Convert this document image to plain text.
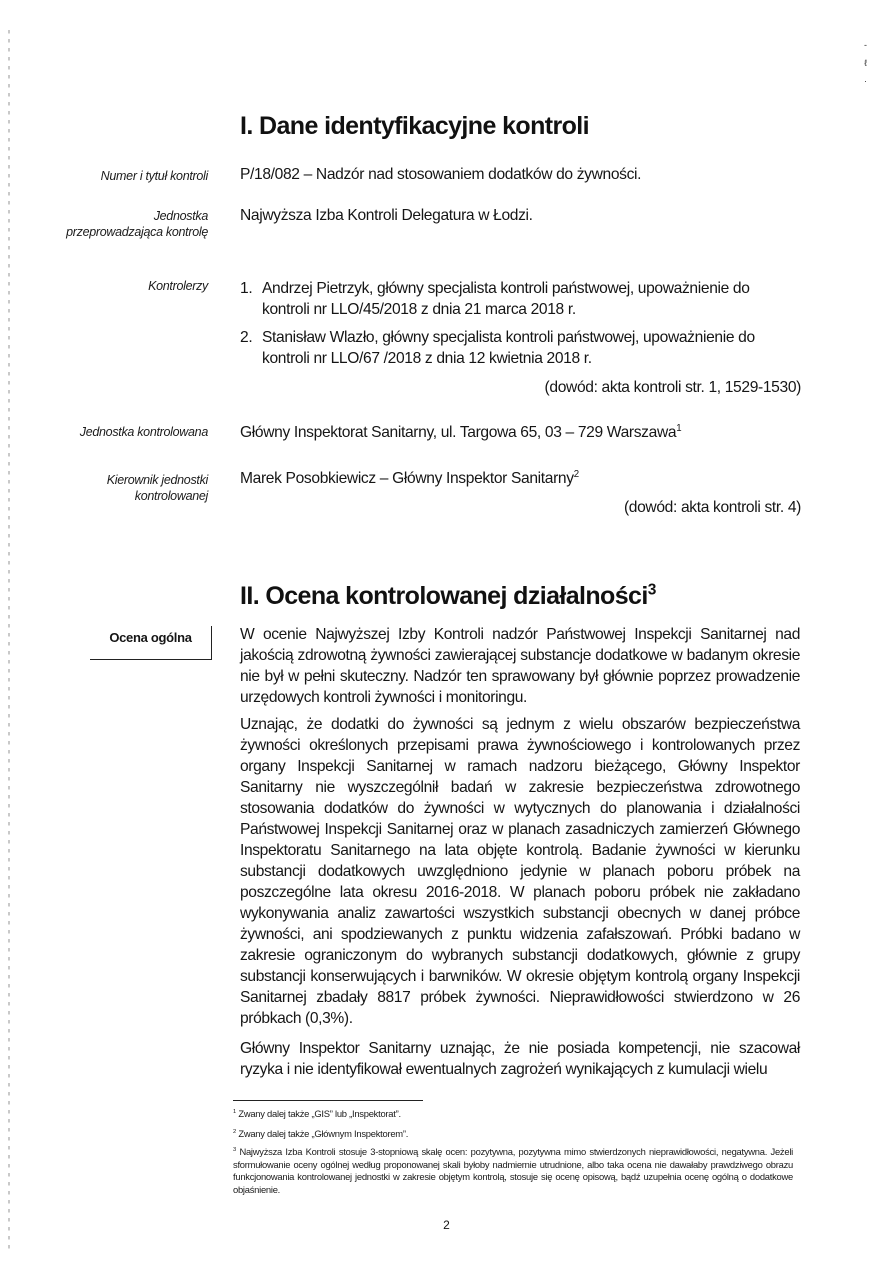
-
ℓ
·
I. Dane identyfikacyjne kontroli
Numer i tytuł kontroli P/18/082 – Nadzór nad stosowaniem dodatków do żywności.
Jednostka przeprowadzająca kontrolę
Najwyższa Izba Kontroli Delegatura w Łodzi.
Kontrolerzy 1. Andrzej Pietrzyk, główny specjalista kontroli państwowej, upoważnienie do kontroli nr LLO/45/2018 z dnia 21 marca 2018 r.
2. Stanisław Wlazło, główny specjalista kontroli państwowej, upoważnienie do kontroli nr LLO/67 /2018 z dnia 12 kwietnia 2018 r.
(dowód: akta kontroli str. 1, 1529-1530)
Jednostka kontrolowana Główny Inspektorat Sanitarny, ul. Targowa 65, 03 – 729 Warszawa$^1$
Kierownik jednostki kontrolowanej
Marek Posobkiewicz – Główny Inspektor Sanitarny$^2$
(dowód: akta kontroli str. 4)
II. Ocena kontrolowanej działalności$^3$
Ocena ogólna	W ocenie Najwyższej Izby Kontroli nadzór Państwowej Inspekcji Sanitarnej nad jakością zdrowotną żywności zawierającej substancje dodatkowe w badanym okresie nie był w pełni skuteczny. Nadzór ten sprawowany był głównie poprzez prowadzenie urzędowych kontroli żywności i monitoringu.

Uznając, że dodatki do żywności są jednym z wielu obszarów bezpieczeństwa żywności określonych przepisami prawa żywnościowego i kontrolowanych przez organy Inspekcji Sanitarnej w ramach nadzoru bieżącego, Główny Inspektor Sanitarny nie wyszczególnił badań w zakresie bezpieczeństwa zdrowotnego stosowania dodatków do żywności w wytycznych do planowania i działalności Państwowej Inspekcji Sanitarnej oraz w planach zasadniczych zamierzeń Głównego Inspektoratu Sanitarnego na lata objęte kontrolą. Badanie żywności w kierunku substancji dodatkowych uwzględniono jedynie w planach poboru próbek na poszczególne lata okresu 2016-2018. W planach poboru próbek nie zakładano wykonywania analiz zawartości wszystkich substancji obecnych w danej próbce żywności, ani spodziewanych z punktu widzenia zafałszowań. Próbki badano w zakresie ograniczonym do wybranych substancji dodatkowych, głównie z grupy substancji konserwujących i barwników. W okresie objętym kontrolą organy Inspekcji Sanitarnej zbadały 8817 próbek żywności. Nieprawidłowości stwierdzono w 26 próbkach (0,3%).

Główny Inspektor Sanitarny uznając, że nie posiada kompetencji, nie szacował ryzyka i nie identyfikował ewentualnych zagrożeń wynikających z kumulacji wielu

$^1$ Zwany dalej także „GIS” lub „Inspektorat”.
$^2$ Zwany dalej także „Głównym Inspektorem”.
$^3$ Najwyższa Izba Kontroli stosuje 3-stopniową skalę ocen: pozytywna, pozytywna mimo stwierdzonych nieprawidłowości, negatywna. Jeżeli sformułowanie oceny ogólnej według proponowanej skali byłoby nadmiernie utrudnione, albo taka ocena nie dawałaby prawdziwego obrazu funkcjonowania kontrolowanej jednostki w zakresie objętym kontrolą, stosuje się ocenę opisową, bądź uzupełnia ocenę ogólną o dodatkowe objaśnienie.
2
